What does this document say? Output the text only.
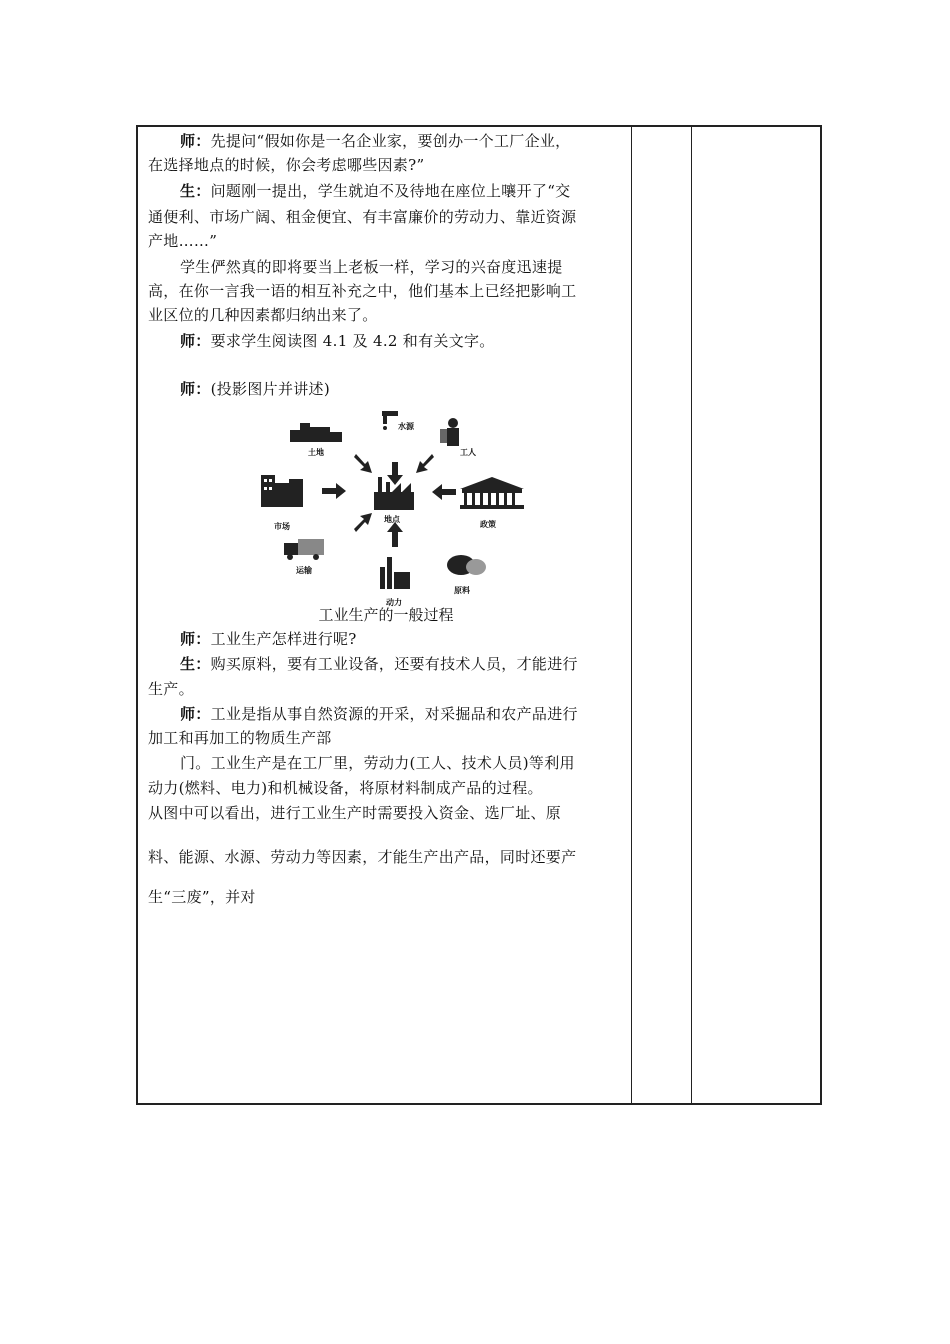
师：先提问“假如你是一名企业家，要创办一个工厂企业，
在选择地点的时候，你会考虑哪些因素?”
生：问题刚一提出，学生就迫不及待地在座位上嚷开了“交
通便利、市场广阔、租金便宜、有丰富廉价的劳动力、靠近资源
产地……”
学生俨然真的即将要当上老板一样，学习的兴奋度迅速提
高，在你一言我一语的相互补充之中，他们基本上已经把影响工
业区位的几种因素都归纳出来了。
师：要求学生阅读图 4.1 及 4.2 和有关文字。
师：(投影图片并讲述)
地点
水源
土地	工人
市场	政策
运输
动力
原料
工业生产的一般过程
师：工业生产怎样进行呢?
生：购买原料，要有工业设备，还要有技术人员，才能进行
生产。
师：工业是指从事自然资源的开采，对采掘品和农产品进行
加工和再加工的物质生产部
门。工业生产是在工厂里，劳动力(工人、技术人员)等利用
动力(燃料、电力)和机械设备，将原材料制成产品的过程。
从图中可以看出，进行工业生产时需要投入资金、选厂址、原
料、能源、水源、劳动力等因素，才能生产出产品，同时还要产
生“三废”，并对
